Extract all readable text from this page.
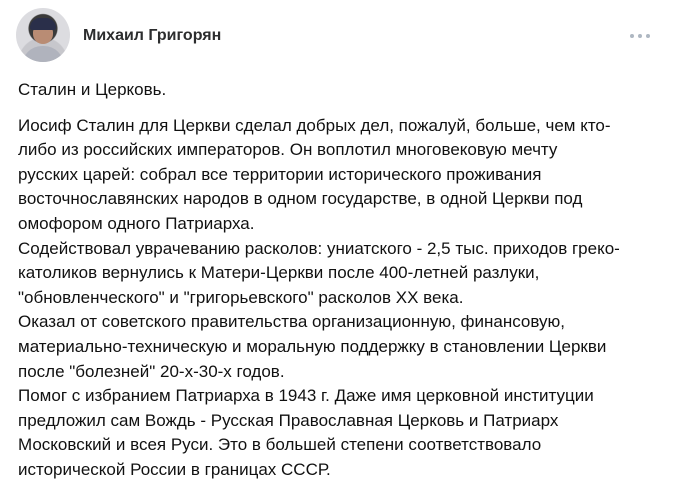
Михаил Григорян

Сталин и Церковь.

Иосиф Сталин для Церкви сделал добрых дел, пожалуй, больше, чем кто-
либо из российских императоров. Он воплотил многовековую мечту
русских царей: собрал все территории исторического проживания
восточнославянских народов в одном государстве, в одной Церкви под
омофором одного Патриарха.
Содействовал уврачеванию расколов: униатского - 2,5 тыс. приходов греко-
католиков вернулись к Матери-Церкви после 400-летней разлуки,
"обновленческого" и "григорьевского" расколов XX века.
Оказал от советского правительства организационную, финансовую,
материально-техническую и моральную поддержку в становлении Церкви
после "болезней" 20-х-30-х годов.
Помог с избранием Патриарха в 1943 г. Даже имя церковной институции
предложил сам Вождь - Русская Православная Церковь и Патриарх
Московский и всея Руси. Это в большей степени соответствовало
исторической России в границах СССР.
